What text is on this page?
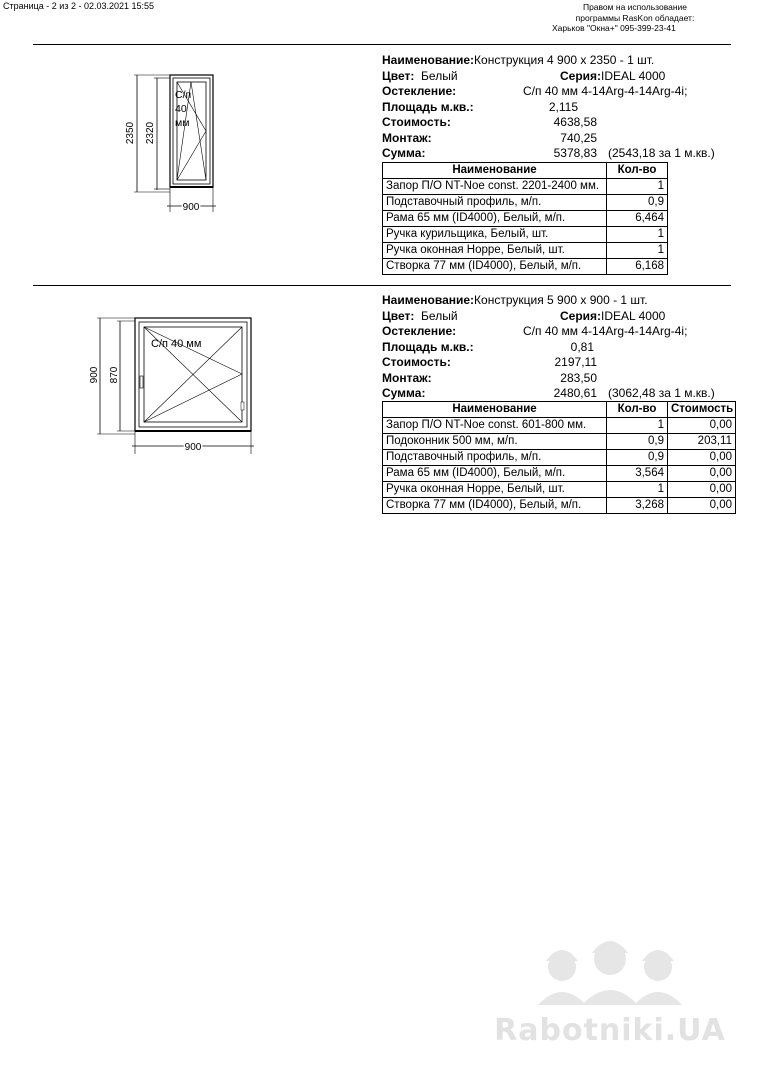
Страница - 2 из 2 - 02.03.2021 15:55	Правом на использование
программы RasKon обладает:
Харьков "Окна+" 095-399-23-41
2350 2320
С/п
40
мм
900
Наименование:Конструкция 4 900 x 2350 - 1 шт.
Цвет: Белый	Серия:IDEAL 4000
Остекление:	С/п 40 мм 4-14Arg-4-14Arg-4i;
Площадь м.кв.:	2,115
Стоимость:	4638,58
Монтаж:	740,25
Сумма:	5378,83 (2543,18 за 1 м.кв.)
Наименование	Кол-во
Запор П/О NT-Noe const. 2201-2400 мм.	1
Подставочный профиль, м/п.	0,9
Рама 65 мм (ID4000), Белый, м/п.	6,464
Ручка курильщика, Белый, шт.	1
Ручка оконная Hoppe, Белый, шт.	1
Створка 77 мм (ID4000), Белый, м/п.	6,168
900 870
С/п 40 мм
900
Наименование:Конструкция 5 900 x 900 - 1 шт.
Цвет: Белый	Серия:IDEAL 4000
Остекление:	С/п 40 мм 4-14Arg-4-14Arg-4i;
Площадь м.кв.:	0,81
Стоимость:	2197,11
Монтаж:	283,50
Сумма:	2480,61 (3062,48 за 1 м.кв.)
Наименование	Кол-во	Стоимость
Запор П/О NT-Noe const. 601-800 мм.	1	0,00
Подоконник 500 мм, м/п.	0,9	203,11
Подставочный профиль, м/п.	0,9	0,00
Рама 65 мм (ID4000), Белый, м/п.	3,564	0,00
Ручка оконная Hoppe, Белый, шт.	1	0,00
Створка 77 мм (ID4000), Белый, м/п.	3,268	0,00
Rabotniki.UA
